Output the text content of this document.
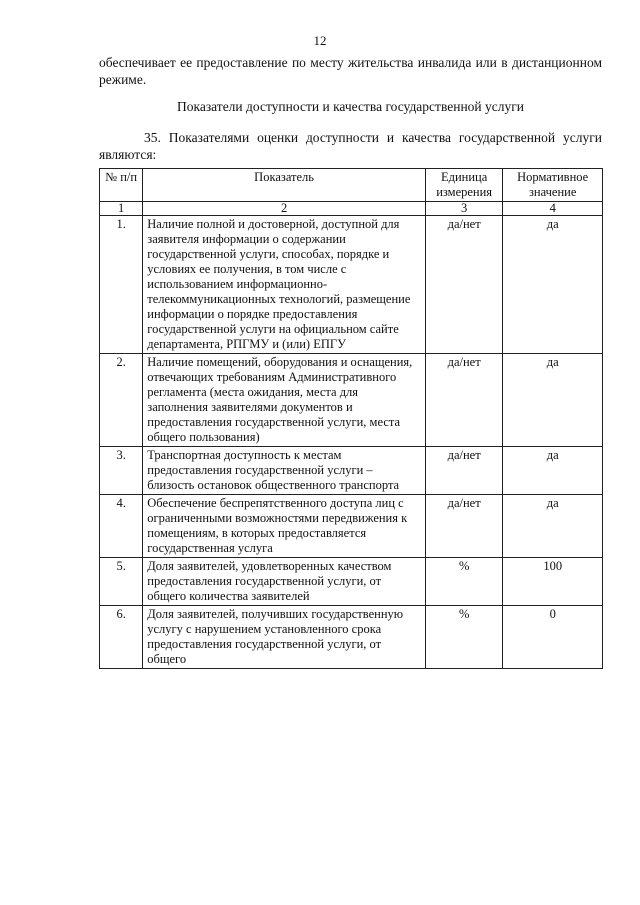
12

обеспечивает ее предоставление по месту жительства инвалида или в дистанционном режиме.

Показатели доступности и качества государственной услуги

35. Показателями оценки доступности и качества государственной услуги являются:

№ п/п	Показатель	Единица измерения	Нормативное значение
1	2	3	4
1.	Наличие полной и достоверной, доступной для заявителя информации о содержании государственной услуги, способах, порядке и условиях ее получения, в том числе с использованием информационно-телекоммуникационных технологий, размещение информации о порядке предоставления государственной услуги на официальном сайте департамента, РПГМУ и (или) ЕПГУ	да/нет	да
2.	Наличие помещений, оборудования и оснащения, отвечающих требованиям Административного регламента (места ожидания, места для заполнения заявителями документов и предоставления государственной услуги, места общего пользования)	да/нет	да
3.	Транспортная доступность к местам предоставления государственной услуги – близость остановок общественного транспорта	да/нет	да
4.	Обеспечение беспрепятственного доступа лиц с ограниченными возможностями передвижения к помещениям, в которых предоставляется государственная услуга	да/нет	да
5.	Доля заявителей, удовлетворенных качеством предоставления государственной услуги, от общего количества заявителей	%	100
6.	Доля заявителей, получивших государственную услугу с нарушением установленного срока предоставления государственной услуги, от общего	%	0
